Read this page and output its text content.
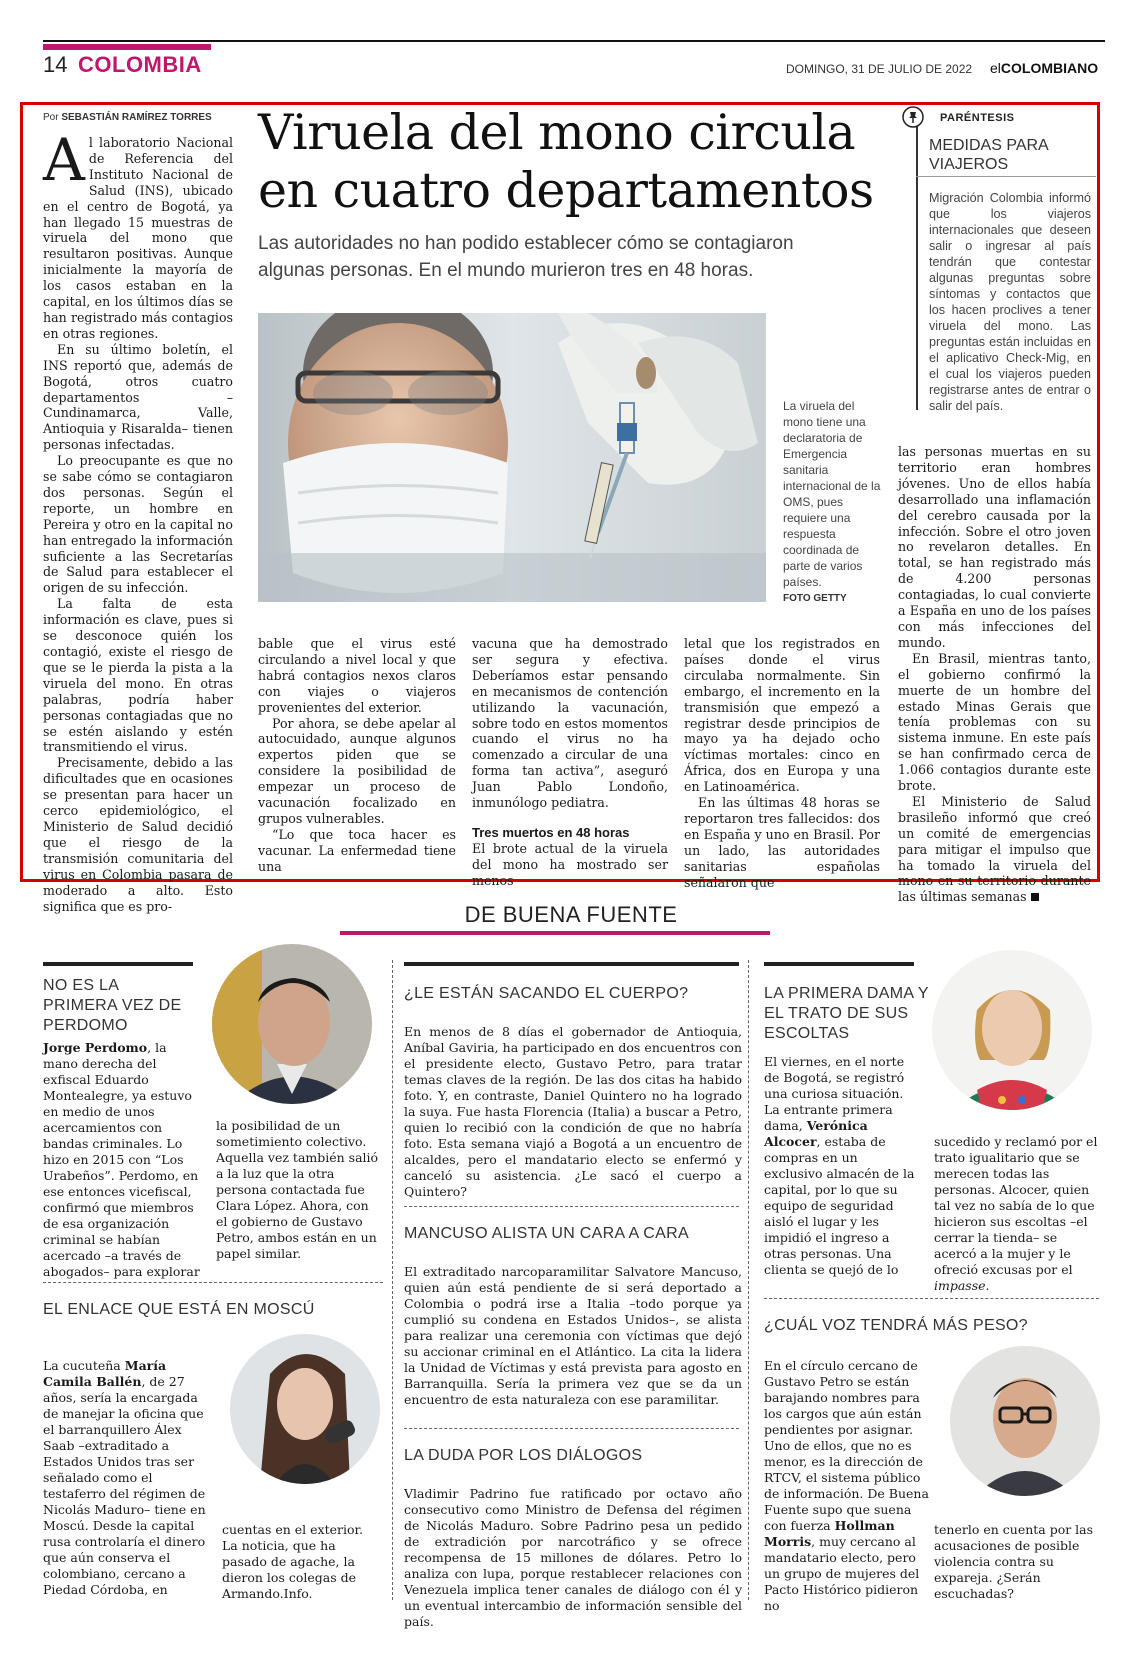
14 COLOMBIA	DOMINGO, 31 DE JULIO DE 2022 elCOLOMBIANO
Por SEBASTIÁN RAMÍREZ TORRES

Al laboratorio Nacional de Referencia del Instituto Nacional de Salud (INS), ubicado en el centro de Bogotá, ya han llegado 15 muestras de viruela del mono que resultaron positivas. Aunque inicialmente la mayoría de los casos estaban en la capital, en los últimos días se han registrado más contagios en otras regiones.

En su último boletín, el INS reportó que, además de Bogotá, otros cuatro departamentos –Cundinamarca, Valle, Antioquia y Risaralda– tienen personas infectadas.

Lo preocupante es que no se sabe cómo se contagiaron dos personas. Según el reporte, un hombre en Pereira y otro en la capital no han entregado la información suficiente a las Secretarías de Salud para establecer el origen de su infección.

La falta de esta información es clave, pues si se desconoce quién los contagió, existe el riesgo de que se le pierda la pista a la viruela del mono. En otras palabras, podría haber personas contagiadas que no se estén aislando y estén transmitiendo el virus.

Precisamente, debido a las dificultades que en ocasiones se presentan para hacer un cerco epidemiológico, el Ministerio de Salud decidió que el riesgo de la transmisión comunitaria del virus en Colombia pasara de moderado a alto. Esto significa que es pro-

Viruela del mono circula
en cuatro departamentos
Las autoridades no han podido establecer cómo se contagiaron algunas personas. En el mundo murieron tres en 48 horas.
La viruela del mono tiene una declaratoria de Emergencia sanitaria internacional de la OMS, pues requiere una respuesta coordinada de parte de varios países.
FOTO GETTY
PARÉNTESIS
MEDIDAS PARA
VIAJEROS
Migración Colombia informó que los viajeros internacionales que deseen salir o ingresar al país tendrán que contestar algunas preguntas sobre síntomas y contactos que los hacen proclives a tener viruela del mono. Las preguntas están incluidas en el aplicativo Check-Mig, en el cual los viajeros pueden registrarse antes de entrar o salir del país.

bable que el virus esté circulando a nivel local y que habrá contagios nexos claros con viajes o viajeros provenientes del exterior.

Por ahora, se debe apelar al autocuidado, aunque algunos expertos piden que se considere la posibilidad de empezar un proceso de vacunación focalizado en grupos vulnerables.

“Lo que toca hacer es vacunar. La enfermedad tiene una

vacuna que ha demostrado ser segura y efectiva. Deberíamos estar pensando en mecanismos de contención utilizando la vacunación, sobre todo en estos momentos cuando el virus no ha comenzado a circular de una forma tan activa”, aseguró Juan Pablo Londoño, inmunólogo pediatra.

Tres muertos en 48 horas

El brote actual de la viruela del mono ha mostrado ser menos

letal que los registrados en países donde el virus circulaba normalmente. Sin embargo, el incremento en la transmisión que empezó a registrar desde principios de mayo ya ha dejado ocho víctimas mortales: cinco en África, dos en Europa y una en Latinoamérica.

En las últimas 48 horas se reportaron tres fallecidos: dos en España y uno en Brasil. Por un lado, las autoridades sanitarias españolas señalaron que

las personas muertas en su territorio eran hombres jóvenes. Uno de ellos había desarrollado una inflamación del cerebro causada por la infección. Sobre el otro joven no revelaron detalles. En total, se han registrado más de 4.200 personas contagiadas, lo cual convierte a España en uno de los países con más infecciones del mundo.

En Brasil, mientras tanto, el gobierno confirmó la muerte de un hombre del estado Minas Gerais que tenía problemas con su sistema inmune. En este país se han confirmado cerca de 1.066 contagios durante este brote.

El Ministerio de Salud brasileño informó que creó un comité de emergencias para mitigar el impulso que ha tomado la viruela del mono en su territorio durante las últimas semanas

DE BUENA FUENTE
NO ES LA PRIMERA VEZ DE PERDOMO
Jorge Perdomo, la mano derecha del exfiscal Eduardo Montealegre, ya estuvo en medio de unos acercamientos con bandas criminales. Lo hizo en 2015 con “Los Urabeños”. Perdomo, en ese entonces vicefiscal, confirmó que miembros de esa organización criminal se habían acercado –a través de abogados– para explorar
la posibilidad de un sometimiento colectivo. Aquella vez también salió a la luz que la otra persona contactada fue Clara López. Ahora, con el gobierno de Gustavo Petro, ambos están en un papel similar.
EL ENLACE QUE ESTÁ EN MOSCÚ
La cucuteña María Camila Ballén, de 27 años, sería la encargada de manejar la oficina que el barranquillero Álex Saab –extraditado a Estados Unidos tras ser señalado como el testaferro del régimen de Nicolás Maduro– tiene en Moscú. Desde la capital rusa controlaría el dinero que aún conserva el colombiano, cercano a Piedad Córdoba, en
cuentas en el exterior. La noticia, que ha pasado de agache, la dieron los colegas de Armando.Info.
¿LE ESTÁN SACANDO EL CUERPO?
En menos de 8 días el gobernador de Antioquia, Aníbal Gaviria, ha participado en dos encuentros con el presidente electo, Gustavo Petro, para tratar temas claves de la región. De las dos citas ha habido foto. Y, en contraste, Daniel Quintero no ha logrado la suya. Fue hasta Florencia (Italia) a buscar a Petro, quien lo recibió con la condición de que no habría foto. Esta semana viajó a Bogotá a un encuentro de alcaldes, pero el mandatario electo se enfermó y canceló su asistencia. ¿Le sacó el cuerpo a Quintero?
MANCUSO ALISTA UN CARA A CARA
El extraditado narcoparamilitar Salvatore Mancuso, quien aún está pendiente de si será deportado a Colombia o podrá irse a Italia –todo porque ya cumplió su condena en Estados Unidos–, se alista para realizar una ceremonia con víctimas que dejó su accionar criminal en el Atlántico. La cita la lidera la Unidad de Víctimas y está prevista para agosto en Barranquilla. Sería la primera vez que se da un encuentro de esta naturaleza con ese paramilitar.
LA DUDA POR LOS DIÁLOGOS
Vladimir Padrino fue ratificado por octavo año consecutivo como Ministro de Defensa del régimen de Nicolás Maduro. Sobre Padrino pesa un pedido de extradición por narcotráfico y se ofrece recompensa de 15 millones de dólares. Petro lo analiza con lupa, porque restablecer relaciones con Venezuela implica tener canales de diálogo con él y un eventual intercambio de información sensible del país.
LA PRIMERA DAMA Y EL TRATO DE SUS ESCOLTAS
El viernes, en el norte de Bogotá, se registró una curiosa situación. La entrante primera dama, Verónica Alcocer, estaba de compras en un exclusivo almacén de la capital, por lo que su equipo de seguridad aisló el lugar y les impidió el ingreso a otras personas. Una clienta se quejó de lo
sucedido y reclamó por el trato igualitario que se merecen todas las personas. Alcocer, quien tal vez no sabía de lo que hicieron sus escoltas –el cerrar la tienda– se acercó a la mujer y le ofreció excusas por el impasse.
¿CUÁL VOZ TENDRÁ MÁS PESO?
En el círculo cercano de Gustavo Petro se están barajando nombres para los cargos que aún están pendientes por asignar. Uno de ellos, que no es menor, es la dirección de RTCV, el sistema público de información. De Buena Fuente supo que suena con fuerza Hollman Morris, muy cercano al mandatario electo, pero un grupo de mujeres del Pacto Histórico pidieron no
tenerlo en cuenta por las acusaciones de posible violencia contra su expareja. ¿Serán escuchadas?
